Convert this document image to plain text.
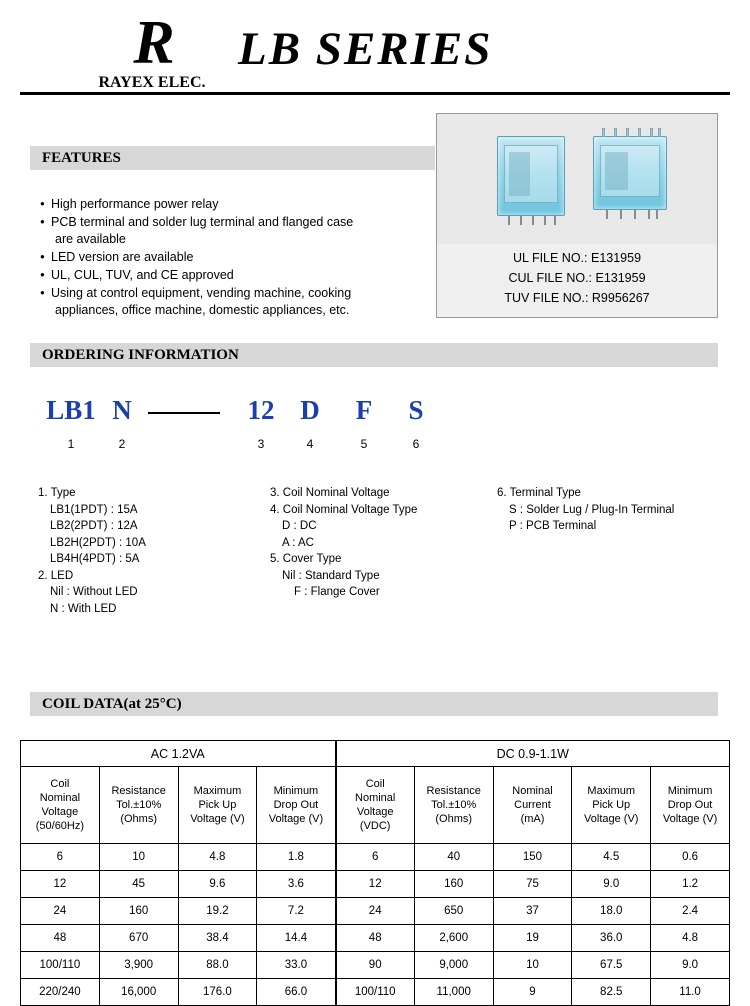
R
RAYEX ELEC.
LB SERIES
FEATURES
● High performance power relay
● PCB terminal and solder lug terminal and flanged case
are available
● LED version are available
● UL, CUL, TUV, and CE approved
● Using at control equipment, vending machine, cooking
appliances, office machine, domestic appliances, etc.
UL FILE NO.: E131959
CUL FILE NO.: E131959
TUV FILE NO.: R9956267
ORDERING INFORMATION
LB1
1
N
2
12
3
D
4
F
5
S
6
1. Type
LB1(1PDT) : 15A
LB2(2PDT) : 12A
LB2H(2PDT) : 10A
LB4H(4PDT) : 5A
2. LED
Nil : Without LED
N : With LED
3. Coil Nominal Voltage
4. Coil Nominal Voltage Type
D : DC
A : AC
5. Cover Type
Nil : Standard Type
F : Flange Cover
6. Terminal Type
S : Solder Lug / Plug-In Terminal
P : PCB Terminal
COIL DATA(at 25°C)
AC 1.2VA				DC 0.9-1.1W				
Coil
Nominal
Voltage
(50/60Hz)	Resistance
Tol.±10%
(Ohms)	Maximum
Pick Up
Voltage (V)	Minimum
Drop Out
Voltage (V)	Coil
Nominal
Voltage
(VDC)	Resistance
Tol.±10%
(Ohms)	Nominal
Current
(mA)	Maximum
Pick Up
Voltage (V)	Minimum
Drop Out
Voltage (V)
6	10	4.8	1.8	6	40	150	4.5	0.6
12	45	9.6	3.6	12	160	75	9.0	1.2
24	160	19.2	7.2	24	650	37	18.0	2.4
48	670	38.4	14.4	48	2,600	19	36.0	4.8
100/110	3,900	88.0	33.0	90	9,000	10	67.5	9.0
220/240	16,000	176.0	66.0	100/110	11,000	9	82.5	11.0
